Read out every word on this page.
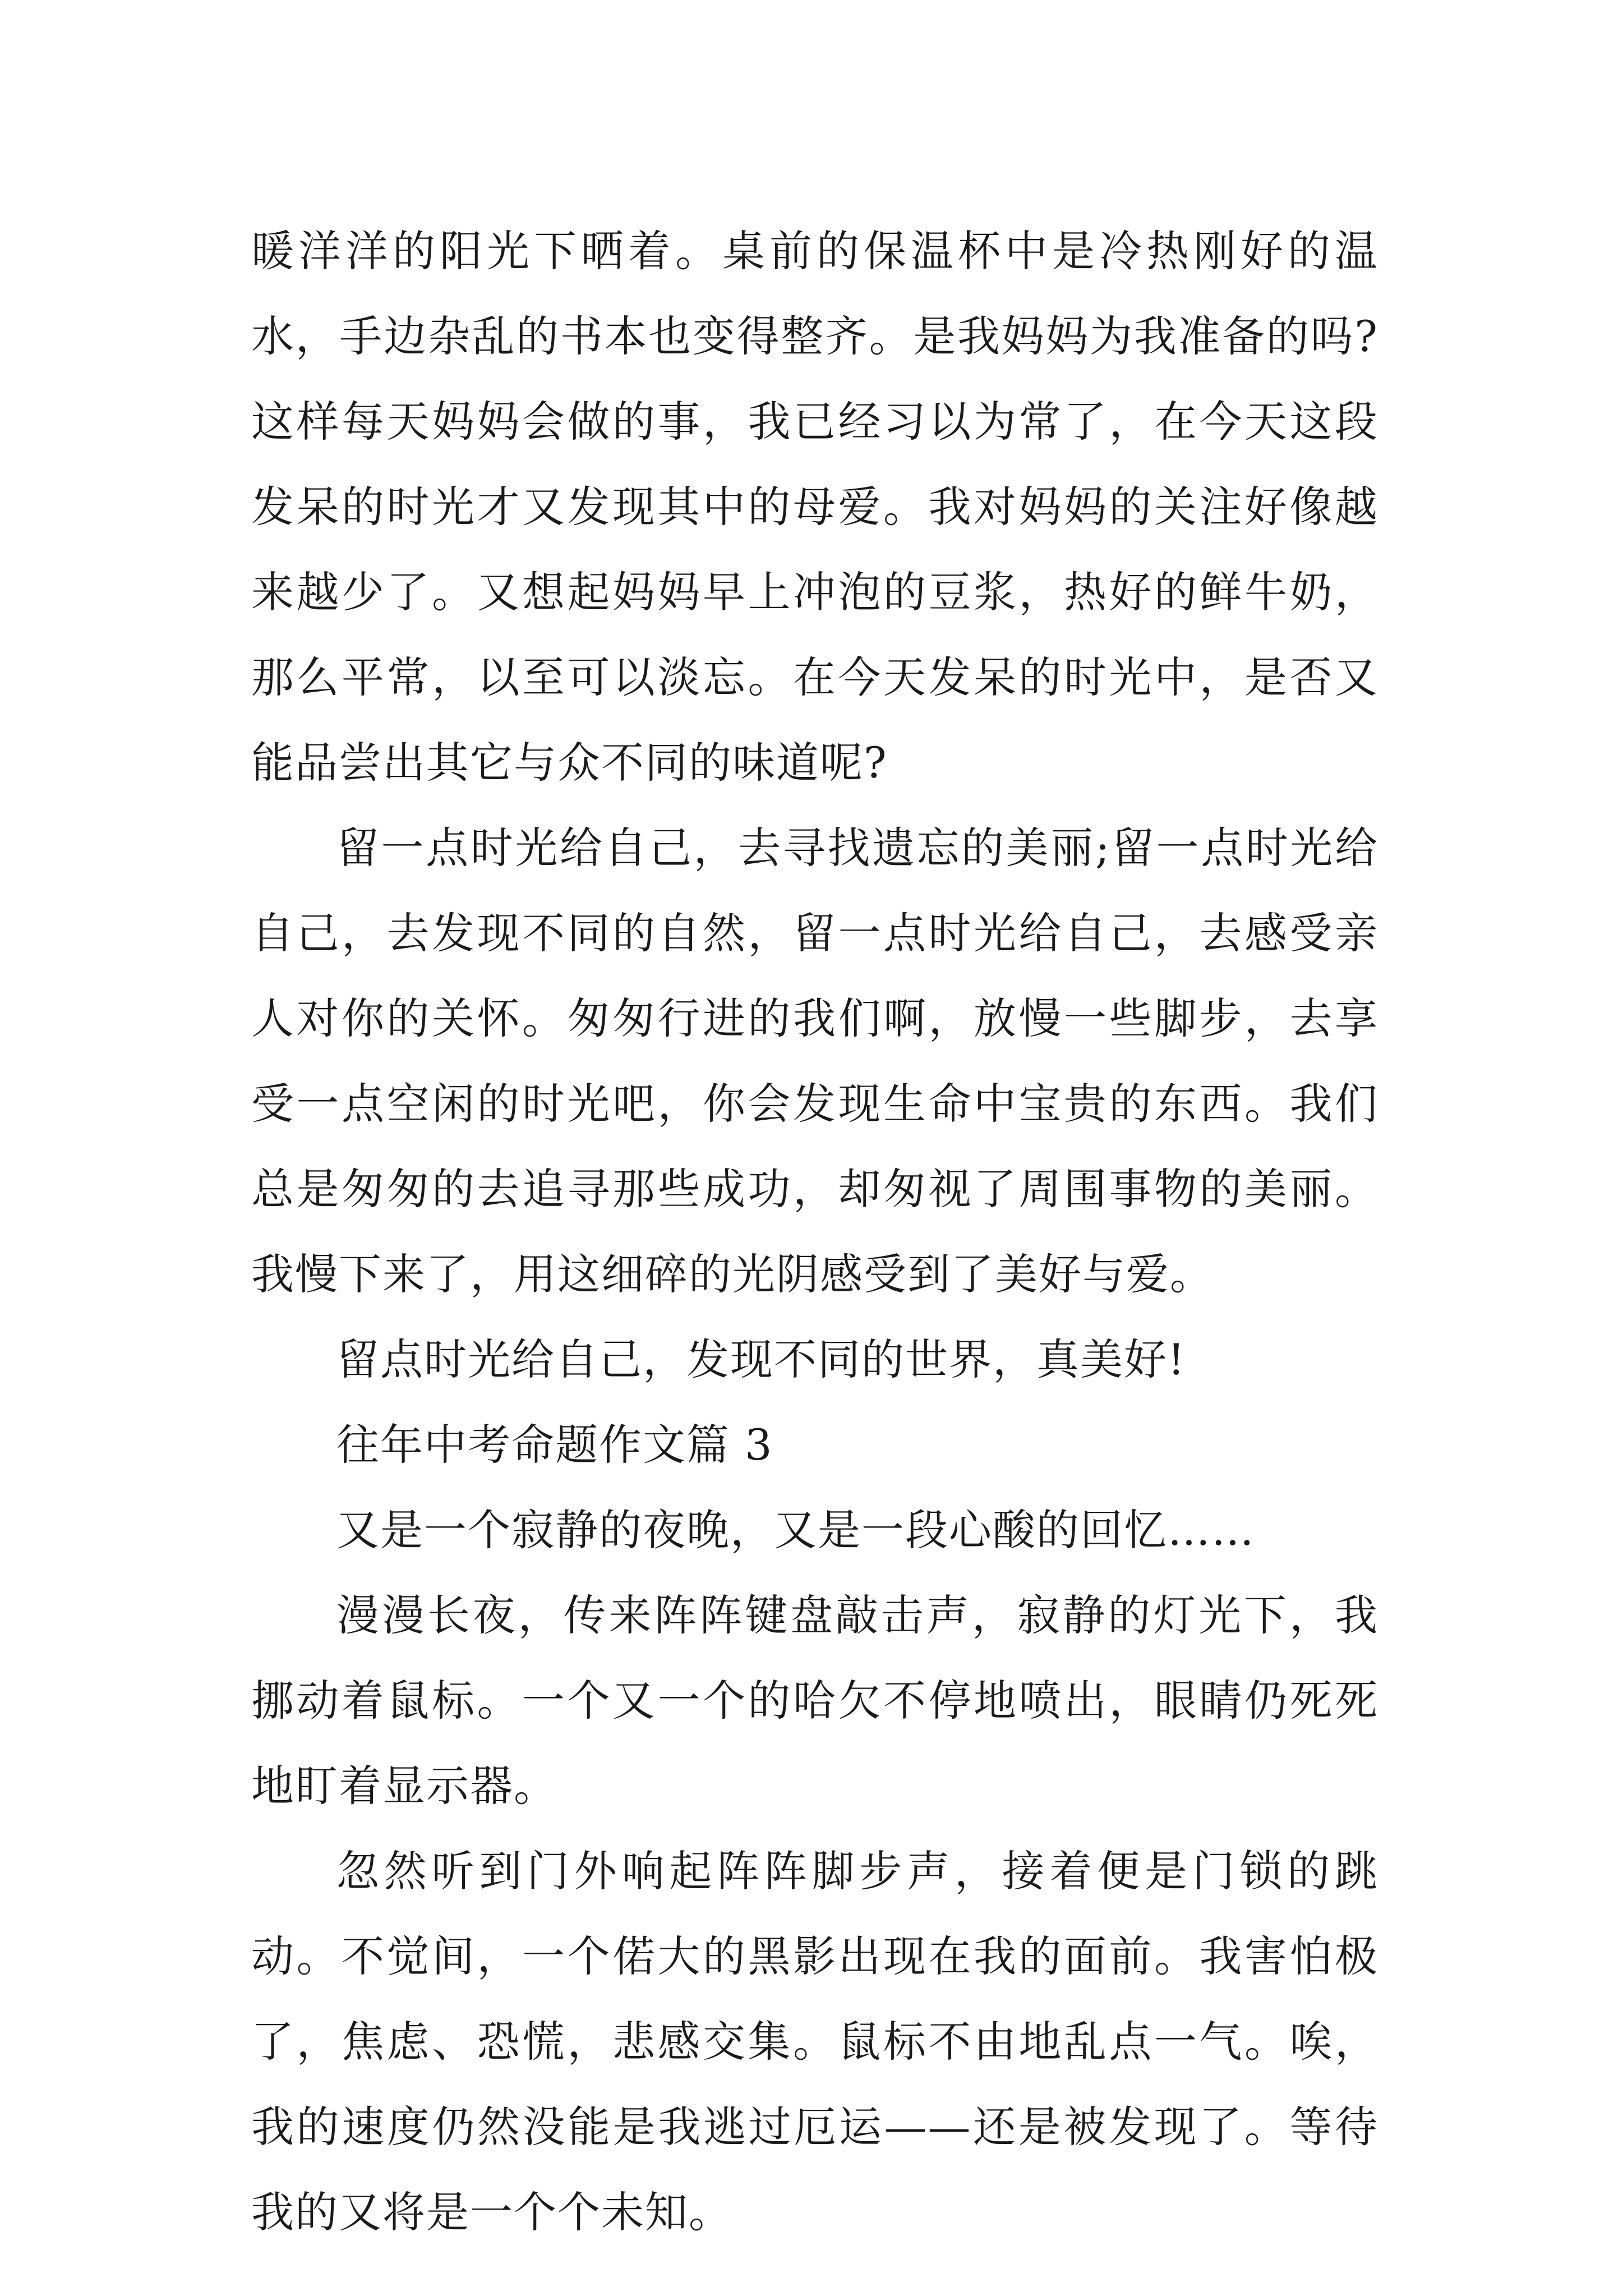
暖洋洋的阳光下晒着。桌前的保温杯中是冷热刚好的温水，手边杂乱的书本也变得整齐。是我妈妈为我准备的吗?这样每天妈妈会做的事，我已经习以为常了，在今天这段发呆的时光才又发现其中的母爱。我对妈妈的关注好像越来越少了。又想起妈妈早上冲泡的豆浆，热好的鲜牛奶，那么平常，以至可以淡忘。在今天发呆的时光中，是否又能品尝出其它与众不同的味道呢?

留一点时光给自己，去寻找遗忘的美丽;留一点时光给自己，去发现不同的自然，留一点时光给自己，去感受亲人对你的关怀。匆匆行进的我们啊，放慢一些脚步，去享受一点空闲的时光吧，你会发现生命中宝贵的东西。我们总是匆匆的去追寻那些成功，却匆视了周围事物的美丽。我慢下来了，用这细碎的光阴感受到了美好与爱。

留点时光给自己，发现不同的世界，真美好!

往年中考命题作文篇 3

又是一个寂静的夜晚，又是一段心酸的回忆……

漫漫长夜，传来阵阵键盘敲击声，寂静的灯光下，我挪动着鼠标。一个又一个的哈欠不停地喷出，眼睛仍死死地盯着显示器。

忽然听到门外响起阵阵脚步声，接着便是门锁的跳动。不觉间，一个偌大的黑影出现在我的面前。我害怕极了，焦虑、恐慌，悲感交集。鼠标不由地乱点一气。唉，我的速度仍然没能是我逃过厄运——还是被发现了。等待我的又将是一个个未知。
